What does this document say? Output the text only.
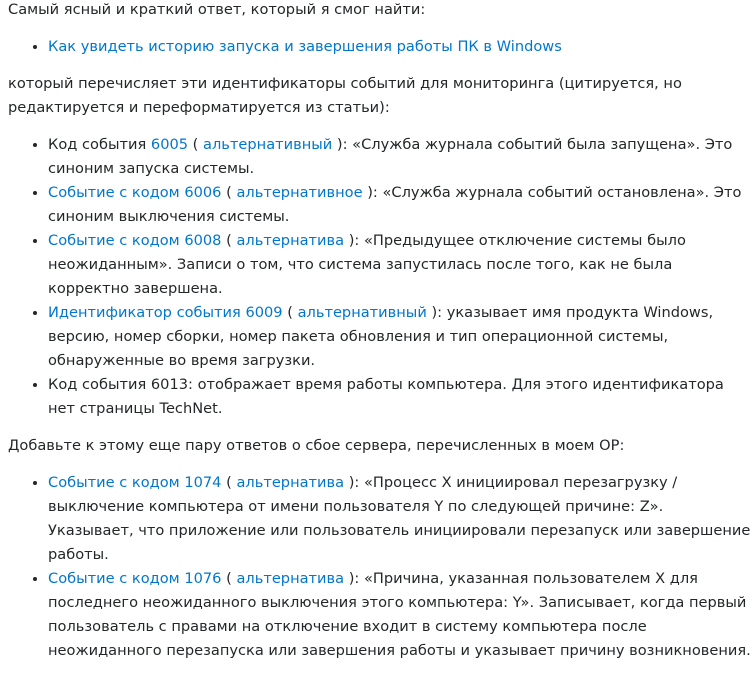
Самый ясный и краткий ответ, который я смог найти:

• Как увидеть историю запуска и завершения работы ПК в Windows

который перечисляет эти идентификаторы событий для мониторинга (цитируется, но редактируется и переформатируется из статьи):

• Код события 6005 ( альтернативный ): «Служба журнала событий была запущена». Это синоним запуска системы.
• Событие с кодом 6006 ( альтернативное ): «Служба журнала событий остановлена». Это синоним выключения системы.
• Событие с кодом 6008 ( альтернатива ): «Предыдущее отключение системы было неожиданным». Записи о том, что система запустилась после того, как не была корректно завершена.
• Идентификатор события 6009 ( альтернативный ): указывает имя продукта Windows, версию, номер сборки, номер пакета обновления и тип операционной системы, обнаруженные во время загрузки.
• Код события 6013: отображает время работы компьютера. Для этого идентификатора нет страницы TechNet.

Добавьте к этому еще пару ответов о сбое сервера, перечисленных в моем OP:

• Событие с кодом 1074 ( альтернатива ): «Процесс X инициировал перезагрузку / выключение компьютера от имени пользователя Y по следующей причине: Z». Указывает, что приложение или пользователь инициировали перезапуск или завершение работы.
• Событие с кодом 1076 ( альтернатива ): «Причина, указанная пользователем X для последнего неожиданного выключения этого компьютера: Y». Записывает, когда первый пользователь с правами на отключение входит в систему компьютера после неожиданного перезапуска или завершения работы и указывает причину возникновения.
